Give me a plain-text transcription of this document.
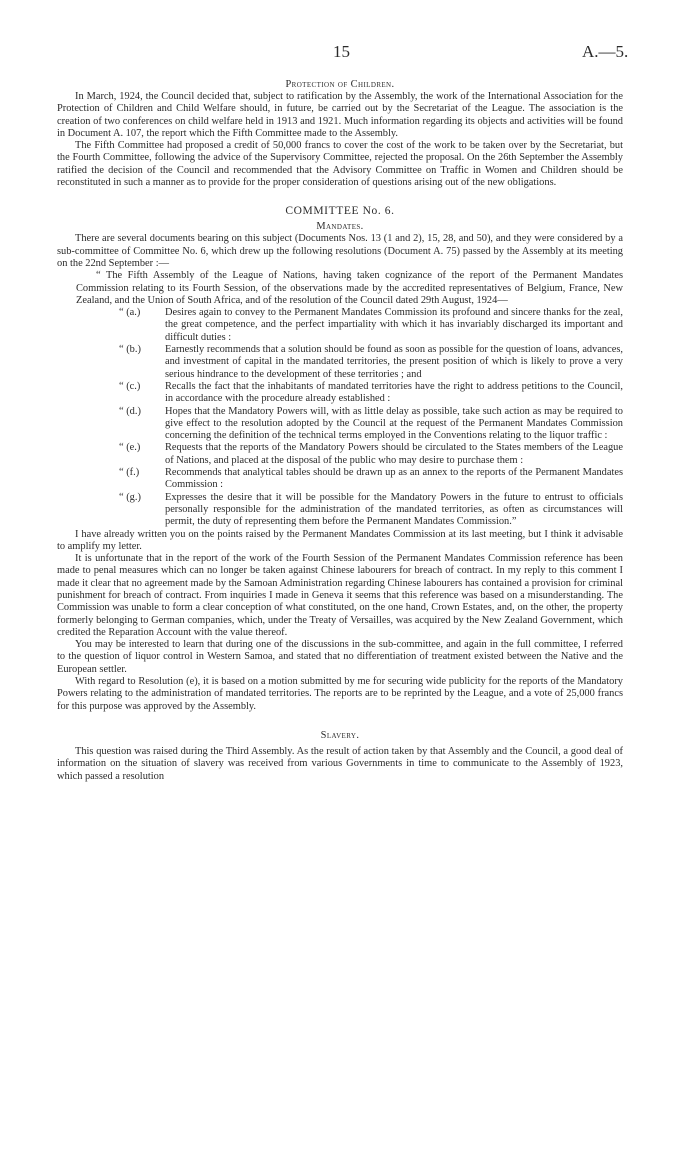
15	A.—5.
Protection of Children.

In March, 1924, the Council decided that, subject to ratification by the Assembly, the work of the International Association for the Protection of Children and Child Welfare should, in future, be carried out by the Secretariat of the League. The association is the creation of two conferences on child welfare held in 1913 and 1921. Much information regarding its objects and activities will be found in Document A. 107, the report which the Fifth Committee made to the Assembly.

The Fifth Committee had proposed a credit of 50,000 francs to cover the cost of the work to be taken over by the Secretariat, but the Fourth Committee, following the advice of the Supervisory Committee, rejected the proposal. On the 26th September the Assembly ratified the decision of the Council and recommended that the Advisory Committee on Traffic in Women and Children should be reconstituted in such a manner as to provide for the proper consideration of questions arising out of the new obligations.

COMMITTEE No. 6.
Mandates.

There are several documents bearing on this subject (Documents Nos. 13 (1 and 2), 15, 28, and 50), and they were considered by a sub-committee of Committee No. 6, which drew up the following resolutions (Document A. 75) passed by the Assembly at its meeting on the 22nd September :—

“ The Fifth Assembly of the League of Nations, having taken cognizance of the report of the Permanent Mandates Commission relating to its Fourth Session, of the observations made by the accredited representatives of Belgium, France, New Zealand, and the Union of South Africa, and of the resolution of the Council dated 29th August, 1924—

“ (a.)	Desires again to convey to the Permanent Mandates Commission its profound and sincere thanks for the zeal, the great competence, and the perfect impartiality with which it has invariably discharged its important and difficult duties :
“ (b.)	Earnestly recommends that a solution should be found as soon as possible for the question of loans, advances, and investment of capital in the mandated territories, the present position of which is likely to prove a very serious hindrance to the development of these territories ; and
“ (c.)	Recalls the fact that the inhabitants of mandated territories have the right to address petitions to the Council, in accordance with the procedure already established :
“ (d.)	Hopes that the Mandatory Powers will, with as little delay as possible, take such action as may be required to give effect to the resolution adopted by the Council at the request of the Permanent Mandates Commission concerning the definition of the technical terms employed in the Conventions relating to the liquor traffic :
“ (e.)	Requests that the reports of the Mandatory Powers should be circulated to the States members of the League of Nations, and placed at the disposal of the public who may desire to purchase them :
“ (f.)	Recommends that analytical tables should be drawn up as an annex to the reports of the Permanent Mandates Commission :
“ (g.)	Expresses the desire that it will be possible for the Mandatory Powers in the future to entrust to officials personally responsible for the administration of the mandated territories, as often as circumstances will permit, the duty of representing them before the Permanent Mandates Commission.”

I have already written you on the points raised by the Permanent Mandates Commission at its last meeting, but I think it advisable to amplify my letter.

It is unfortunate that in the report of the work of the Fourth Session of the Permanent Mandates Commission reference has been made to penal measures which can no longer be taken against Chinese labourers for breach of contract. In my reply to this comment I made it clear that no agreement made by the Samoan Administration regarding Chinese labourers has contained a provision for criminal punishment for breach of contract. From inquiries I made in Geneva it seems that this reference was based on a misunderstanding. The Commission was unable to form a clear conception of what constituted, on the one hand, Crown Estates, and, on the other, the property formerly belonging to German companies, which, under the Treaty of Versailles, was acquired by the New Zealand Government, which credited the Reparation Account with the value thereof.

You may be interested to learn that during one of the discussions in the sub-committee, and again in the full committee, I referred to the question of liquor control in Western Samoa, and stated that no differentiation of treatment existed between the Native and the European settler.

With regard to Resolution (e), it is based on a motion submitted by me for securing wide publicity for the reports of the Mandatory Powers relating to the administration of mandated territories. The reports are to be reprinted by the League, and a vote of 25,000 francs for this purpose was approved by the Assembly.

Slavery.

This question was raised during the Third Assembly. As the result of action taken by that Assembly and the Council, a good deal of information on the situation of slavery was received from various Governments in time to communicate to the Assembly of 1923, which passed a resolution
